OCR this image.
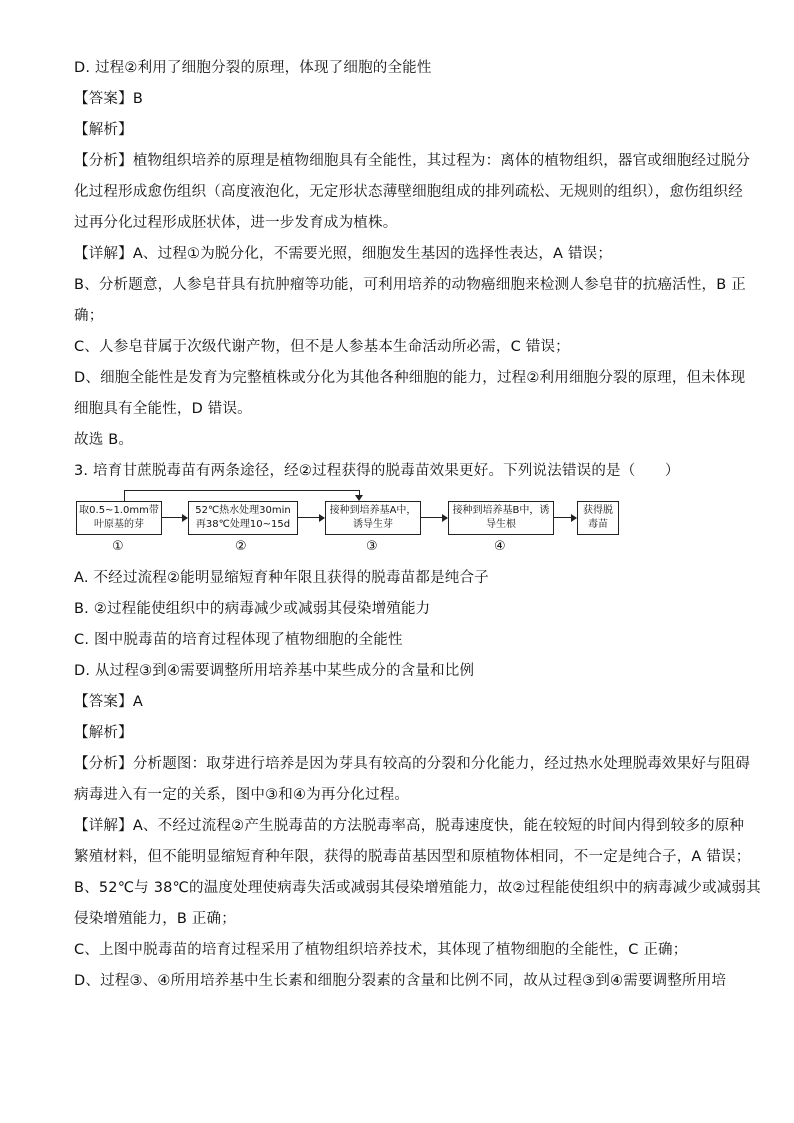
D. 过程②利用了细胞分裂的原理，体现了细胞的全能性
【答案】B
【解析】
【分析】植物组织培养的原理是植物细胞具有全能性，其过程为：离体的植物组织，器官或细胞经过脱分
化过程形成愈伤组织（高度液泡化，无定形状态薄壁细胞组成的排列疏松、无规则的组织），愈伤组织经
过再分化过程形成胚状体，进一步发育成为植株。
【详解】A、过程①为脱分化，不需要光照，细胞发生基因的选择性表达，A 错误；
B、分析题意，人参皂苷具有抗肿瘤等功能，可利用培养的动物癌细胞来检测人参皂苷的抗癌活性，B 正
确；
C、人参皂苷属于次级代谢产物，但不是人参基本生命活动所必需，C 错误；
D、细胞全能性是发育为完整植株或分化为其他各种细胞的能力，过程②利用细胞分裂的原理，但未体现
细胞具有全能性，D 错误。
故选 B。
3. 培育甘蔗脱毒苗有两条途径，经②过程获得的脱毒苗效果更好。下列说法错误的是（　　）
取0.5~1.0mm带叶原基的芽
52℃热水处理30min再38℃处理10~15d
接种到培养基A中，诱导生芽
接种到培养基B中，诱导生根
获得脱毒苗
①	②	③	④
A. 不经过流程②能明显缩短育种年限且获得的脱毒苗都是纯合子
B. ②过程能使组织中的病毒减少或减弱其侵染增殖能力
C. 图中脱毒苗的培育过程体现了植物细胞的全能性
D. 从过程③到④需要调整所用培养基中某些成分的含量和比例
【答案】A
【解析】
【分析】分析题图：取芽进行培养是因为芽具有较高的分裂和分化能力，经过热水处理脱毒效果好与阻碍
病毒进入有一定的关系，图中③和④为再分化过程。
【详解】A、不经过流程②产生脱毒苗的方法脱毒率高，脱毒速度快，能在较短的时间内得到较多的原种
繁殖材料，但不能明显缩短育种年限，获得的脱毒苗基因型和原植物体相同，不一定是纯合子，A 错误；
B、52℃与 38℃的温度处理使病毒失活或减弱其侵染增殖能力，故②过程能使组织中的病毒减少或减弱其
侵染增殖能力，B 正确；
C、上图中脱毒苗的培育过程采用了植物组织培养技术，其体现了植物细胞的全能性，C 正确；
D、过程③、④所用培养基中生长素和细胞分裂素的含量和比例不同，故从过程③到④需要调整所用培
